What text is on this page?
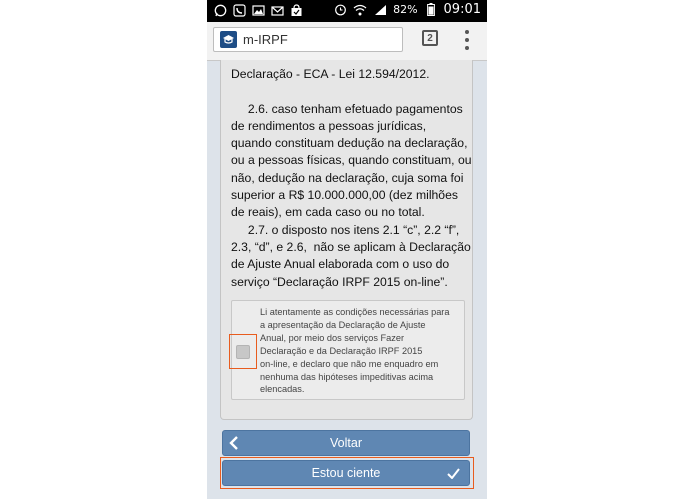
82% 09:01
m-IRPF	2

Declaração - ECA - Lei 12.594/2012.

2.6. caso tenham efetuado pagamentos

de rendimentos a pessoas jurídicas,

quando constituam dedução na declaração,

ou a pessoas físicas, quando constituam, ou

não, dedução na declaração, cuja soma foi

superior a R$ 10.000.000,00 (dez milhões

de reais), em cada caso ou no total.

2.7. o disposto nos itens 2.1 “c”, 2.2 “f”,

2.3, “d”, e 2.6,  não se aplicam à Declaração

de Ajuste Anual elaborada com o uso do

serviço “Declaração IRPF 2015 on-line”.

Li atentamente as condições necessárias para
a apresentação da Declaração de Ajuste
Anual, por meio dos serviços Fazer
Declaração e da Declaração IRPF 2015
on-line, e declaro que não me enquadro em
nenhuma das hipóteses impeditivas acima
elencadas.
Voltar
Estou ciente
